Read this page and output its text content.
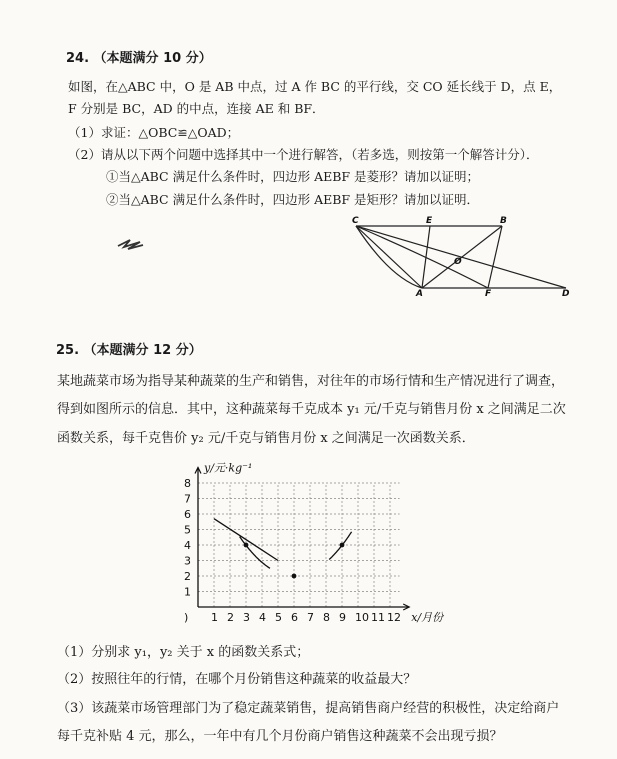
24. （本题满分 10 分）
如图，在△ABC 中，O 是 AB 中点，过 A 作 BC 的平行线，交 CO 延长线于 D，点 E，
F 分别是 BC，AD 的中点，连接 AE 和 BF．
（1）求证：△OBC≌△OAD；
（2）请从以下两个问题中选择其中一个进行解答，（若多选，则按第一个解答计分）．
①当△ABC 满足什么条件时，四边形 AEBF 是菱形？请加以证明；
②当△ABC 满足什么条件时，四边形 AEBF 是矩形？请加以证明．
C	E	B
O
A	F	D
25. （本题满分 12 分）
某地蔬菜市场为指导某种蔬菜的生产和销售，对往年的市场行情和生产情况进行了调查，
得到如图所示的信息．其中，这种蔬菜每千克成本 y₁ 元/千克与销售月份 x 之间满足二次
函数关系，每千克售价 y₂ 元/千克与销售月份 x 之间满足一次函数关系．
1 2 3 4 5 6 7 8 9 10 11 12
1
2
3
4
5
6
7
8
y/元·kg⁻¹
x/月份
)
（1）分别求 y₁，y₂ 关于 x 的函数关系式；
（2）按照往年的行情，在哪个月份销售这种蔬菜的收益最大？
（3）该蔬菜市场管理部门为了稳定蔬菜销售，提高销售商户经营的积极性，决定给商户
每千克补贴 4 元，那么，一年中有几个月份商户销售这种蔬菜不会出现亏损？
